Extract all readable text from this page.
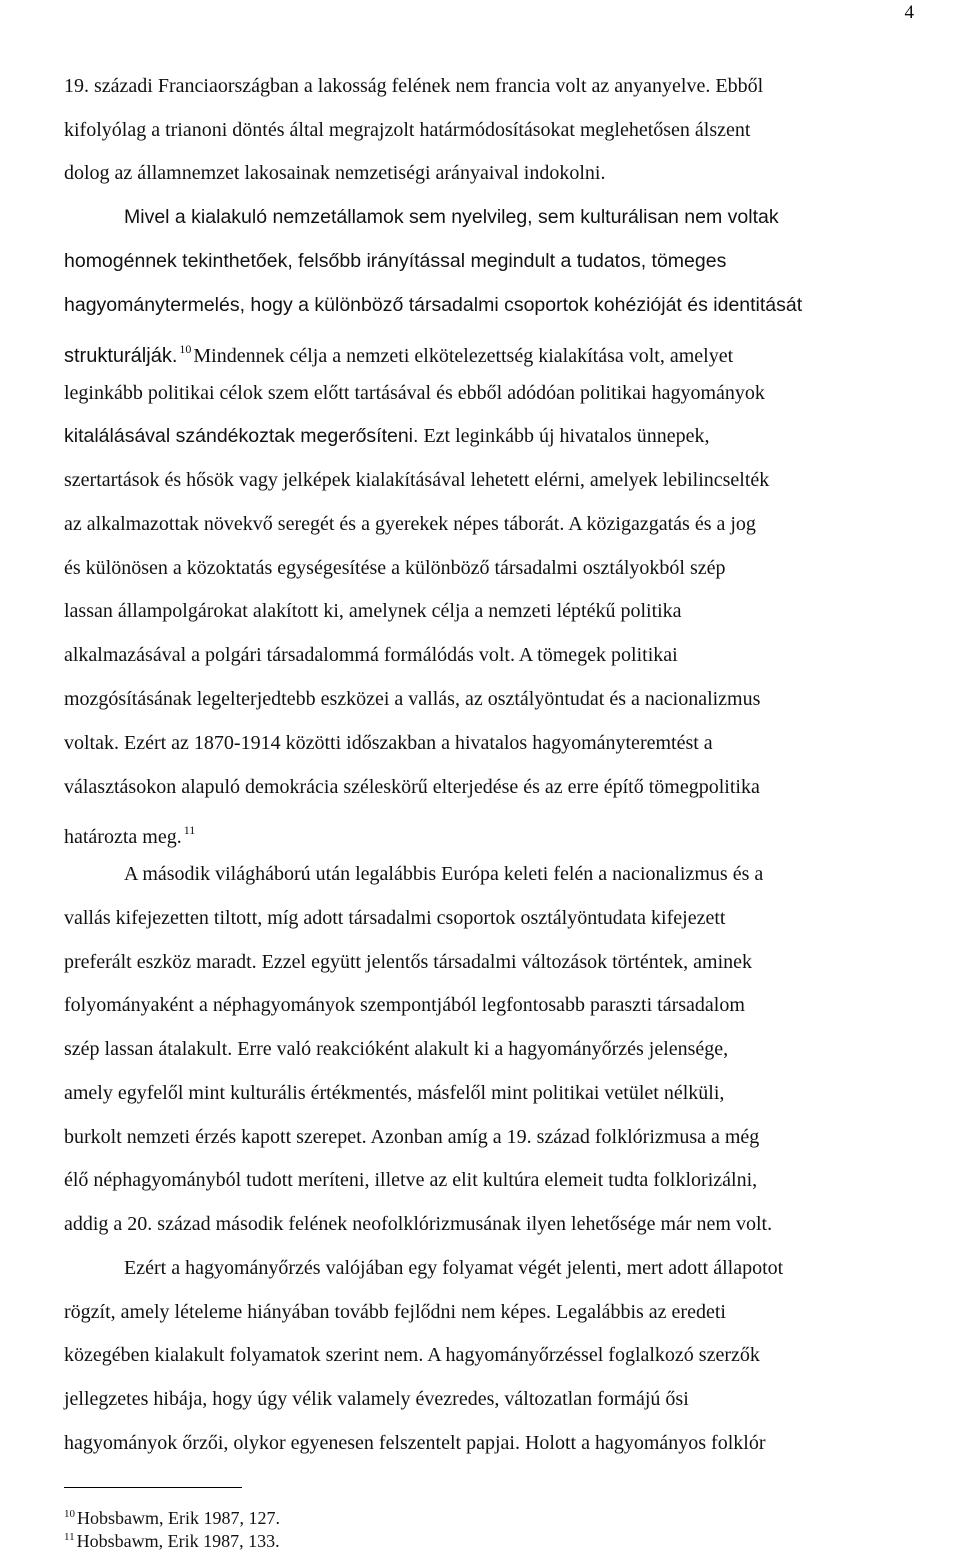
4
19. századi Franciaországban a lakosság felének nem francia volt az anyanyelve. Ebből
kifolyólag a trianoni döntés által megrajzolt határmódosításokat meglehetősen álszent
dolog az államnemzet lakosainak nemzetiségi arányaival indokolni.
Mivel a kialakuló nemzetállamok sem nyelvileg, sem kulturálisan nem voltak
homogénnek tekinthetőek, felsőbb irányítással megindult a tudatos, tömeges
hagyománytermelés, hogy a különböző társadalmi csoportok kohézióját és identitását
strukturálják. $^{10}$ Mindennek célja a nemzeti elkötelezettség kialakítása volt, amelyet
leginkább politikai célok szem előtt tartásával és ebből adódóan politikai hagyományok
kitalálásával szándékoztak megerősíteni. Ezt leginkább új hivatalos ünnepek,
szertartások és hősök vagy jelképek kialakításával lehetett elérni, amelyek lebilincselték
az alkalmazottak növekvő seregét és a gyerekek népes táborát. A közigazgatás és a jog
és különösen a közoktatás egységesítése a különböző társadalmi osztályokból szép
lassan állampolgárokat alakított ki, amelynek célja a nemzeti léptékű politika
alkalmazásával a polgári társadalommá formálódás volt. A tömegek politikai
mozgósításának legelterjedtebb eszközei a vallás, az osztályöntudat és a nacionalizmus
voltak. Ezért az 1870-1914 közötti időszakban a hivatalos hagyományteremtést a
választásokon alapuló demokrácia széleskörű elterjedése és az erre építő tömegpolitika
határozta meg. $^{11}$
A második világháború után legalábbis Európa keleti felén a nacionalizmus és a
vallás kifejezetten tiltott, míg adott társadalmi csoportok osztályöntudata kifejezett
preferált eszköz maradt. Ezzel együtt jelentős társadalmi változások történtek, aminek
folyományaként a néphagyományok szempontjából legfontosabb paraszti társadalom
szép lassan átalakult. Erre való reakcióként alakult ki a hagyományőrzés jelensége,
amely egyfelől mint kulturális értékmentés, másfelől mint politikai vetület nélküli,
burkolt nemzeti érzés kapott szerepet. Azonban amíg a 19. század folklórizmusa a még
élő néphagyományból tudott meríteni, illetve az elit kultúra elemeit tudta folklorizálni,
addig a 20. század második felének neofolklórizmusának ilyen lehetősége már nem volt.
Ezért a hagyományőrzés valójában egy folyamat végét jelenti, mert adott állapotot
rögzít, amely lételeme hiányában tovább fejlődni nem képes. Legalábbis az eredeti
közegében kialakult folyamatok szerint nem. A hagyományőrzéssel foglalkozó szerzők
jellegzetes hibája, hogy úgy vélik valamely évezredes, változatlan formájú ősi
hagyományok őrzői, olykor egyenesen felszentelt papjai. Holott a hagyományos folklór
$^{10}$ Hobsbawm, Erik 1987, 127.
$^{11}$ Hobsbawm, Erik 1987, 133.
